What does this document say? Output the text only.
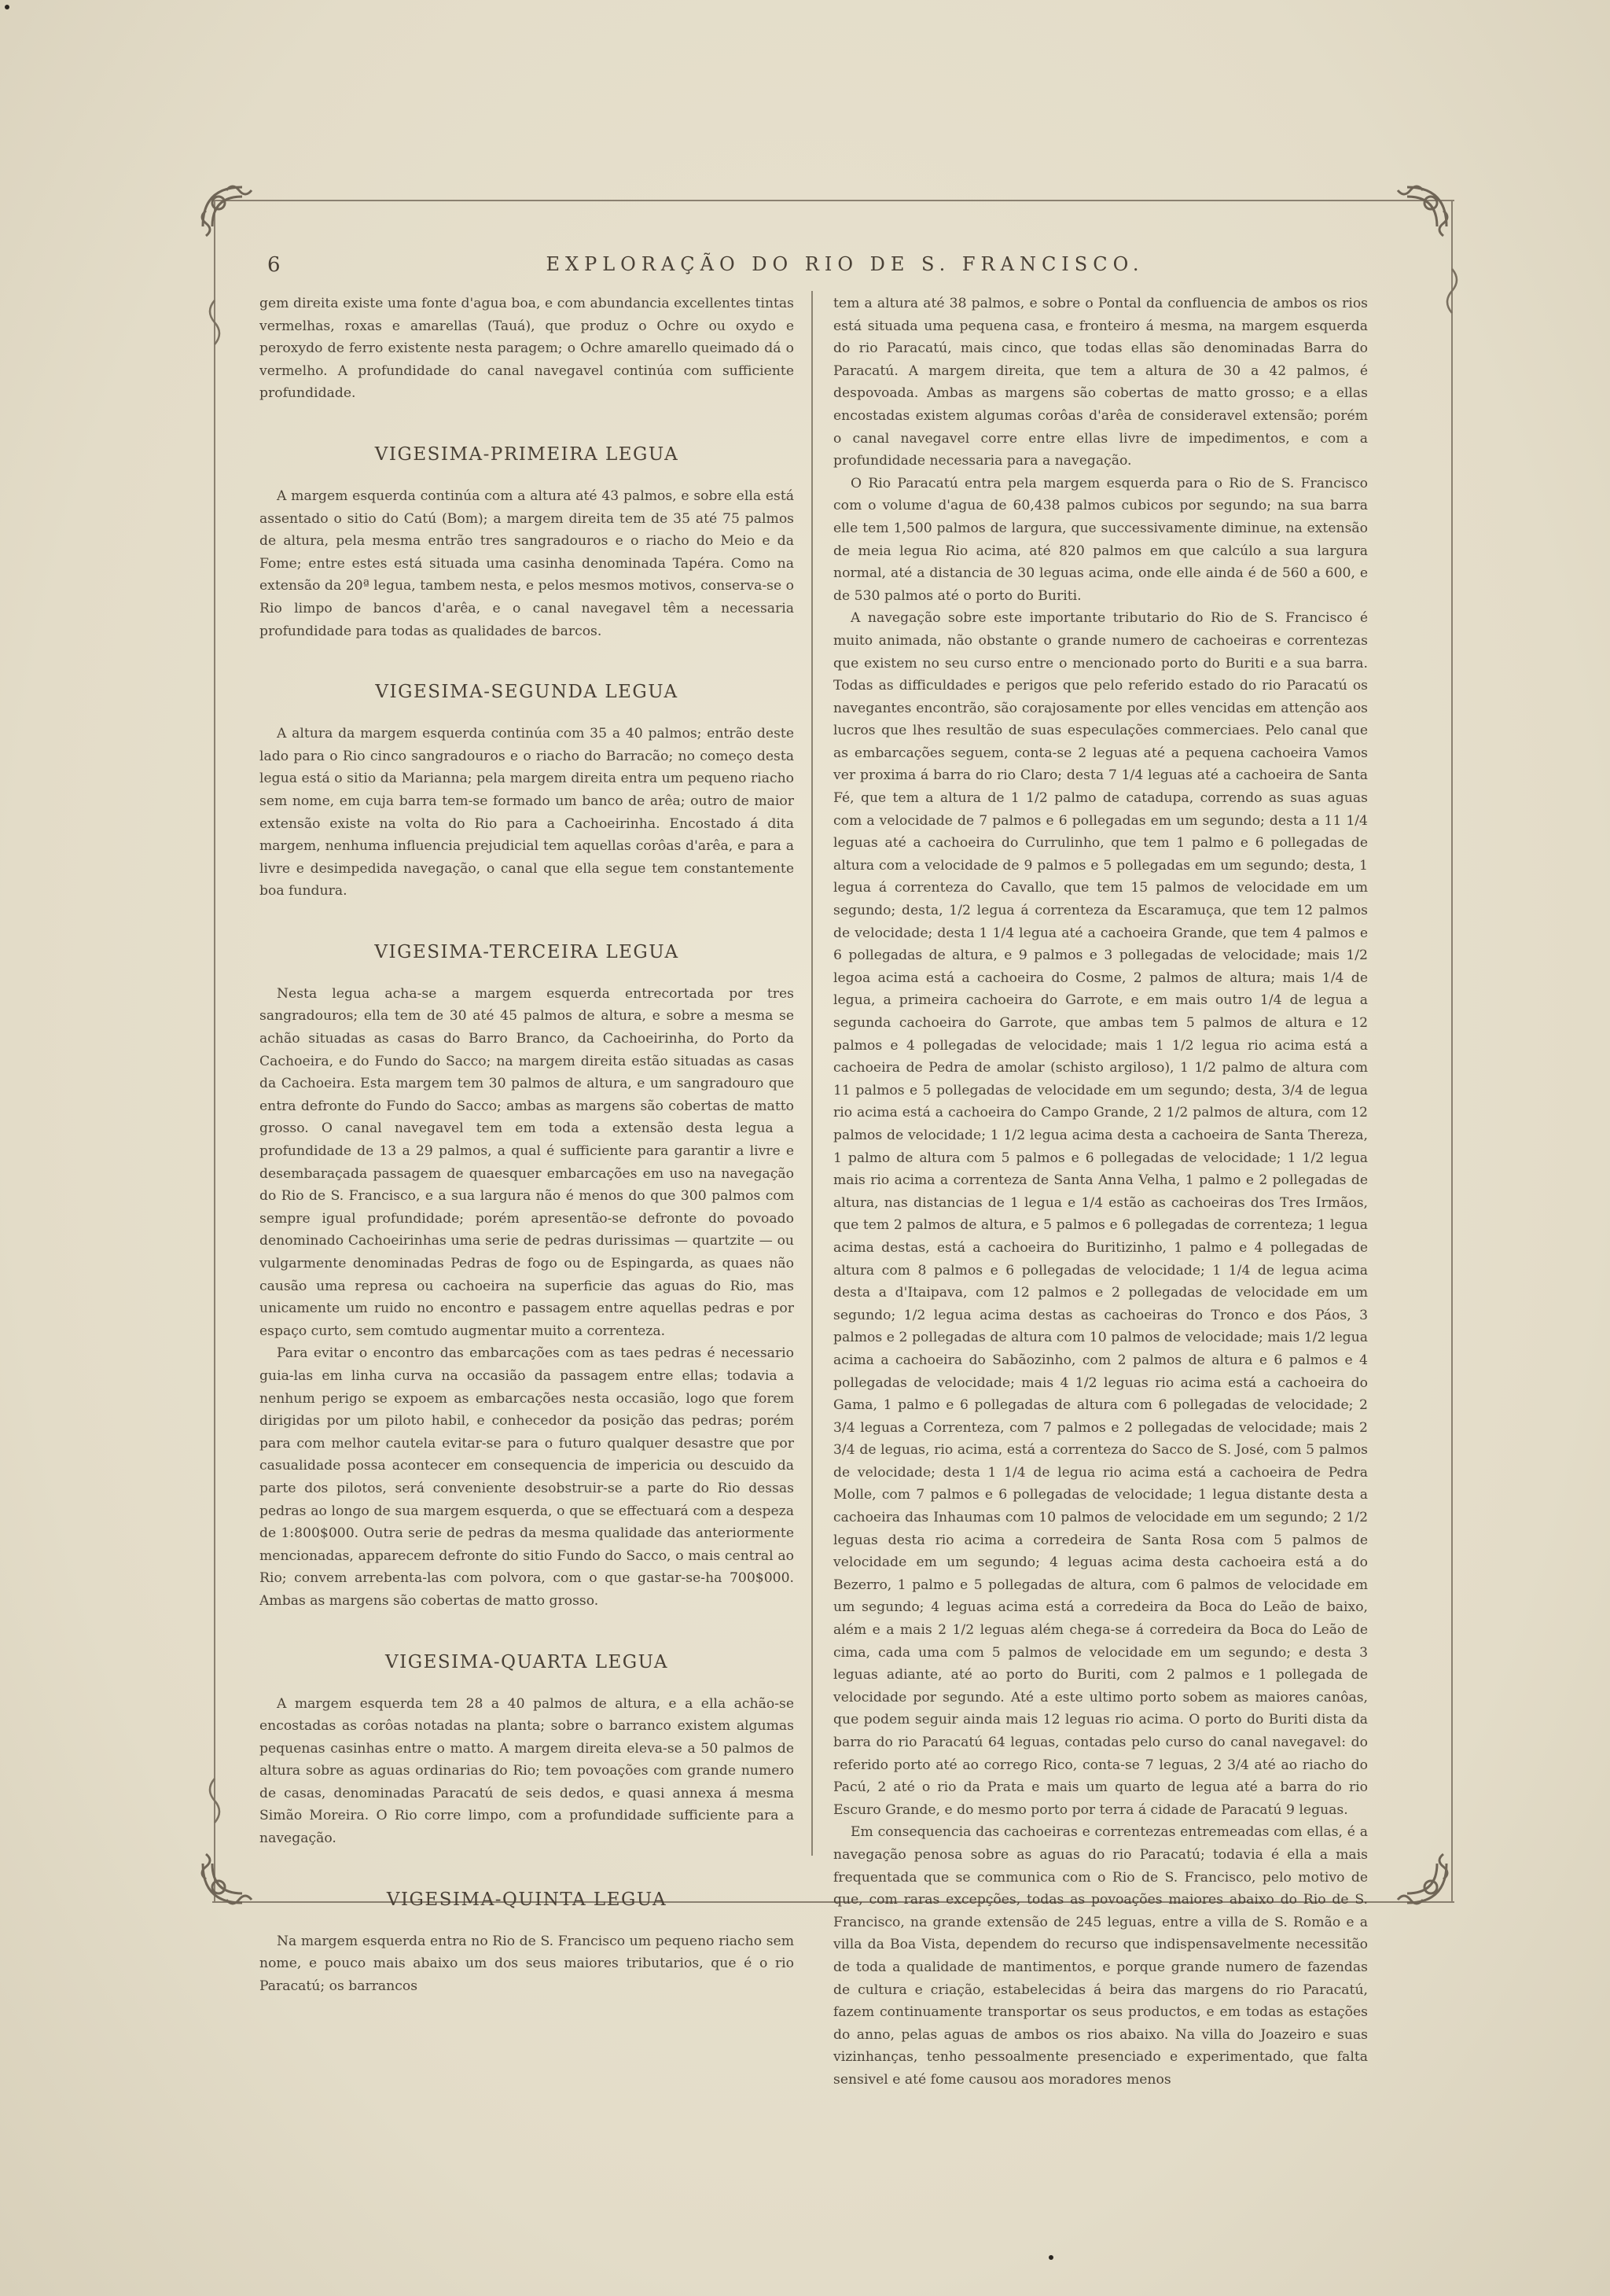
6	EXPLORAÇÃO DO RIO DE S. FRANCISCO.

gem direita existe uma fonte d'agua boa, e com abundancia excellentes tintas vermelhas, roxas e amarellas (Tauá), que produz o Ochre ou oxydo e peroxydo de ferro existente nesta paragem; o Ochre amarello queimado dá o vermelho. A profundidade do canal navegavel continúa com sufficiente profundidade.

VIGESIMA-PRIMEIRA LEGUA

A margem esquerda continúa com a altura até 43 palmos, e sobre ella está assentado o sitio do Catú (Bom); a margem direita tem de 35 até 75 palmos de altura, pela mesma entrão tres sangradouros e o riacho do Meio e da Fome; entre estes está situada uma casinha denominada Tapéra. Como na extensão da 20ª legua, tambem nesta, e pelos mesmos motivos, conserva-se o Rio limpo de bancos d'arêa, e o canal navegavel têm a necessaria profundidade para todas as qualidades de barcos.

VIGESIMA-SEGUNDA LEGUA

A altura da margem esquerda continúa com 35 a 40 palmos; entrão deste lado para o Rio cinco sangradouros e o riacho do Barracão; no começo desta legua está o sitio da Marianna; pela margem direita entra um pequeno riacho sem nome, em cuja barra tem-se formado um banco de arêa; outro de maior extensão existe na volta do Rio para a Cachoeirinha. Encostado á dita margem, nenhuma influencia prejudicial tem aquellas corôas d'arêa, e para a livre e desimpedida navegação, o canal que ella segue tem constantemente boa fundura.

VIGESIMA-TERCEIRA LEGUA

Nesta legua acha-se a margem esquerda entrecortada por tres sangradouros; ella tem de 30 até 45 palmos de altura, e sobre a mesma se achão situadas as casas do Barro Branco, da Cachoeirinha, do Porto da Cachoeira, e do Fundo do Sacco; na margem direita estão situadas as casas da Cachoeira. Esta margem tem 30 palmos de altura, e um sangradouro que entra defronte do Fundo do Sacco; ambas as margens são cobertas de matto grosso. O canal navegavel tem em toda a extensão desta legua a profundidade de 13 a 29 palmos, a qual é sufficiente para garantir a livre e desembaraçada passagem de quaesquer embarcações em uso na navegação do Rio de S. Francisco, e a sua largura não é menos do que 300 palmos com sempre igual profundidade; porém apresentão-se defronte do povoado denominado Cachoeirinhas uma serie de pedras durissimas — quartzite — ou vulgarmente denominadas Pedras de fogo ou de Espingarda, as quaes não causão uma represa ou cachoeira na superficie das aguas do Rio, mas unicamente um ruido no encontro e passagem entre aquellas pedras e por espaço curto, sem comtudo augmentar muito a correnteza.

Para evitar o encontro das embarcações com as taes pedras é necessario guia-las em linha curva na occasião da passagem entre ellas; todavia a nenhum perigo se expoem as embarcações nesta occasião, logo que forem dirigidas por um piloto habil, e conhecedor da posição das pedras; porém para com melhor cautela evitar-se para o futuro qualquer desastre que por casualidade possa acontecer em consequencia de impericia ou descuido da parte dos pilotos, será conveniente desobstruir-se a parte do Rio dessas pedras ao longo de sua margem esquerda, o que se effectuará com a despeza de 1:800$000. Outra serie de pedras da mesma qualidade das anteriormente mencionadas, apparecem defronte do sitio Fundo do Sacco, o mais central ao Rio; convem arrebenta-las com polvora, com o que gastar-se-ha 700$000. Ambas as margens são cobertas de matto grosso.

VIGESIMA-QUARTA LEGUA

A margem esquerda tem 28 a 40 palmos de altura, e a ella achão-se encostadas as corôas notadas na planta; sobre o barranco existem algumas pequenas casinhas entre o matto. A margem direita eleva-se a 50 palmos de altura sobre as aguas ordinarias do Rio; tem povoações com grande numero de casas, denominadas Paracatú de seis dedos, e quasi annexa á mesma Simão Moreira. O Rio corre limpo, com a profundidade sufficiente para a navegação.

VIGESIMA-QUINTA LEGUA

Na margem esquerda entra no Rio de S. Francisco um pequeno riacho sem nome, e pouco mais abaixo um dos seus maiores tributarios, que é o rio Paracatú; os barrancos

tem a altura até 38 palmos, e sobre o Pontal da confluencia de ambos os rios está situada uma pequena casa, e fronteiro á mesma, na margem esquerda do rio Paracatú, mais cinco, que todas ellas são denominadas Barra do Paracatú. A margem direita, que tem a altura de 30 a 42 palmos, é despovoada. Ambas as margens são cobertas de matto grosso; e a ellas encostadas existem algumas corôas d'arêa de consideravel extensão; porém o canal navegavel corre entre ellas livre de impedimentos, e com a profundidade necessaria para a navegação.

O Rio Paracatú entra pela margem esquerda para o Rio de S. Francisco com o volume d'agua de 60,438 palmos cubicos por segundo; na sua barra elle tem 1,500 palmos de largura, que successivamente diminue, na extensão de meia legua Rio acima, até 820 palmos em que calcúlo a sua largura normal, até a distancia de 30 leguas acima, onde elle ainda é de 560 a 600, e de 530 palmos até o porto do Buriti.

A navegação sobre este importante tributario do Rio de S. Francisco é muito animada, não obstante o grande numero de cachoeiras e correntezas que existem no seu curso entre o mencionado porto do Buriti e a sua barra. Todas as difficuldades e perigos que pelo referido estado do rio Paracatú os navegantes encontrão, são corajosamente por elles vencidas em attenção aos lucros que lhes resultão de suas especulações commerciaes. Pelo canal que as embarcações seguem, conta-se 2 leguas até a pequena cachoeira Vamos ver proxima á barra do rio Claro; desta 7 1/4 leguas até a cachoeira de Santa Fé, que tem a altura de 1 1/2 palmo de catadupa, correndo as suas aguas com a velocidade de 7 palmos e 6 pollegadas em um segundo; desta a 11 1/4 leguas até a cachoeira do Currulinho, que tem 1 palmo e 6 pollegadas de altura com a velocidade de 9 palmos e 5 pollegadas em um segundo; desta, 1 legua á correnteza do Cavallo, que tem 15 palmos de velocidade em um segundo; desta, 1/2 legua á correnteza da Escaramuça, que tem 12 palmos de velocidade; desta 1 1/4 legua até a cachoeira Grande, que tem 4 palmos e 6 pollegadas de altura, e 9 palmos e 3 pollegadas de velocidade; mais 1/2 legoa acima está a cachoeira do Cosme, 2 palmos de altura; mais 1/4 de legua, a primeira cachoeira do Garrote, e em mais outro 1/4 de legua a segunda cachoeira do Garrote, que ambas tem 5 palmos de altura e 12 palmos e 4 pollegadas de velocidade; mais 1 1/2 legua rio acima está a cachoeira de Pedra de amolar (schisto argiloso), 1 1/2 palmo de altura com 11 palmos e 5 pollegadas de velocidade em um segundo; desta, 3/4 de legua rio acima está a cachoeira do Campo Grande, 2 1/2 palmos de altura, com 12 palmos de velocidade; 1 1/2 legua acima desta a cachoeira de Santa Thereza, 1 palmo de altura com 5 palmos e 6 pollegadas de velocidade; 1 1/2 legua mais rio acima a correnteza de Santa Anna Velha, 1 palmo e 2 pollegadas de altura, nas distancias de 1 legua e 1/4 estão as cachoeiras dos Tres Irmãos, que tem 2 palmos de altura, e 5 palmos e 6 pollegadas de correnteza; 1 legua acima destas, está a cachoeira do Buritizinho, 1 palmo e 4 pollegadas de altura com 8 palmos e 6 pollegadas de velocidade; 1 1/4 de legua acima desta a d'Itaipava, com 12 palmos e 2 pollegadas de velocidade em um segundo; 1/2 legua acima destas as cachoeiras do Tronco e dos Páos, 3 palmos e 2 pollegadas de altura com 10 palmos de velocidade; mais 1/2 legua acima a cachoeira do Sabãozinho, com 2 palmos de altura e 6 palmos e 4 pollegadas de velocidade; mais 4 1/2 leguas rio acima está a cachoeira do Gama, 1 palmo e 6 pollegadas de altura com 6 pollegadas de velocidade; 2 3/4 leguas a Correnteza, com 7 palmos e 2 pollegadas de velocidade; mais 2 3/4 de leguas, rio acima, está a correnteza do Sacco de S. José, com 5 palmos de velocidade; desta 1 1/4 de legua rio acima está a cachoeira de Pedra Molle, com 7 palmos e 6 pollegadas de velocidade; 1 legua distante desta a cachoeira das Inhaumas com 10 palmos de velocidade em um segundo; 2 1/2 leguas desta rio acima a corredeira de Santa Rosa com 5 palmos de velocidade em um segundo; 4 leguas acima desta cachoeira está a do Bezerro, 1 palmo e 5 pollegadas de altura, com 6 palmos de velocidade em um segundo; 4 leguas acima está a corredeira da Boca do Leão de baixo, além e a mais 2 1/2 leguas além chega-se á corredeira da Boca do Leão de cima, cada uma com 5 palmos de velocidade em um segundo; e desta 3 leguas adiante, até ao porto do Buriti, com 2 palmos e 1 pollegada de velocidade por segundo. Até a este ultimo porto sobem as maiores canôas, que podem seguir ainda mais 12 leguas rio acima. O porto do Buriti dista da barra do rio Paracatú 64 leguas, contadas pelo curso do canal navegavel: do referido porto até ao corrego Rico, conta-se 7 leguas, 2 3/4 até ao riacho do Pacú, 2 até o rio da Prata e mais um quarto de legua até a barra do rio Escuro Grande, e do mesmo porto por terra á cidade de Paracatú 9 leguas.

Em consequencia das cachoeiras e correntezas entremeadas com ellas, é a navegação penosa sobre as aguas do rio Paracatú; todavia é ella a mais frequentada que se communica com o Rio de S. Francisco, pelo motivo de que, com raras excepções, todas as povoações maiores abaixo do Rio de S. Francisco, na grande extensão de 245 leguas, entre a villa de S. Romão e a villa da Boa Vista, dependem do recurso que indispensavelmente necessitão de toda a qualidade de mantimentos, e porque grande numero de fazendas de cultura e criação, estabelecidas á beira das margens do rio Paracatú, fazem continuamente transportar os seus productos, e em todas as estações do anno, pelas aguas de ambos os rios abaixo. Na villa do Joazeiro e suas vizinhanças, tenho pessoalmente presenciado e experimentado, que falta sensivel e até fome causou aos moradores menos
